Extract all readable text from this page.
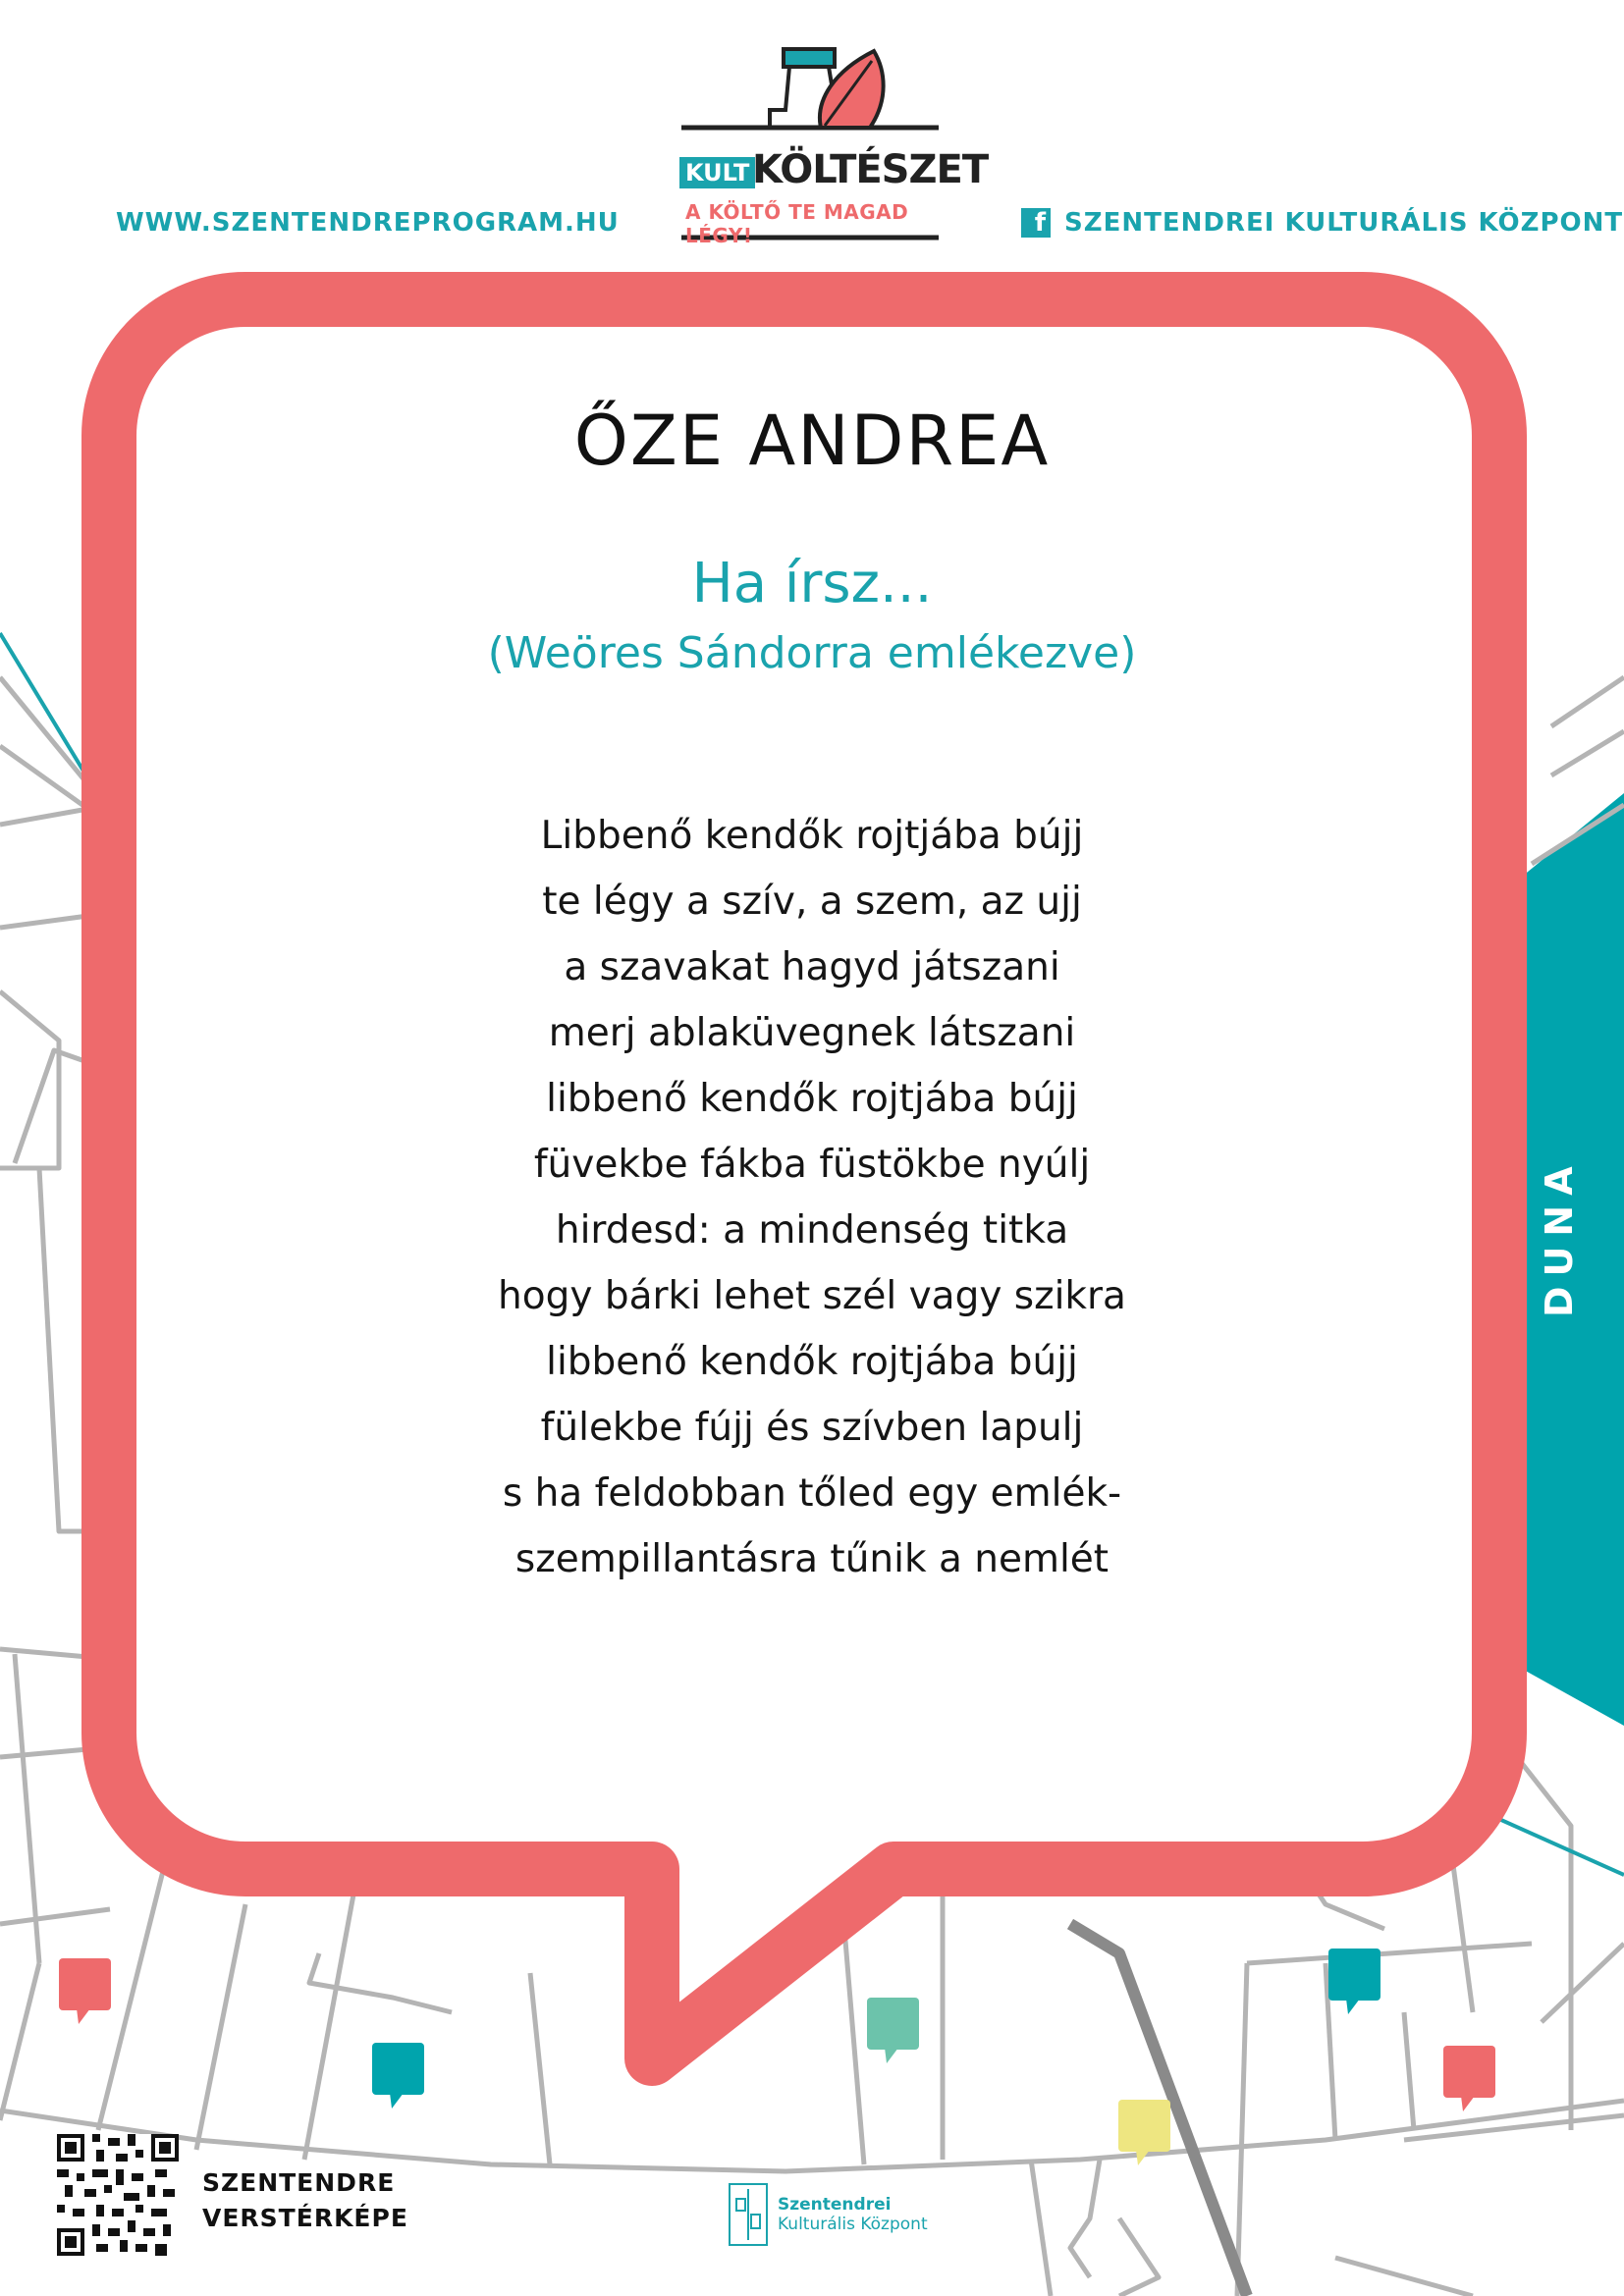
WWW.SZENTENDREPROGRAM.HU	f SZENTENDREI KULTURÁLIS KÖZPONT
KULT KÖLTÉSZET
A KÖLTŐ TE MAGAD LÉGY!
ŐZE ANDREA
Ha írsz...
(Weöres Sándorra emlékezve)
Libbenő kendők rojtjába bújj
te légy a szív, a szem, az ujj
a szavakat hagyd játszani
merj ablaküvegnek látszani
libbenő kendők rojtjába bújj
füvekbe fákba füstökbe nyúlj
hirdesd: a mindenség titka
hogy bárki lehet szél vagy szikra
libbenő kendők rojtjába bújj
fülekbe fújj és szívben lapulj
s ha feldobban tőled egy emlék-
szempillantásra tűnik a nemlét
DUNA
SZENTENDRE
VERSTÉRKÉPE	Szentendrei
Kulturális Központ
